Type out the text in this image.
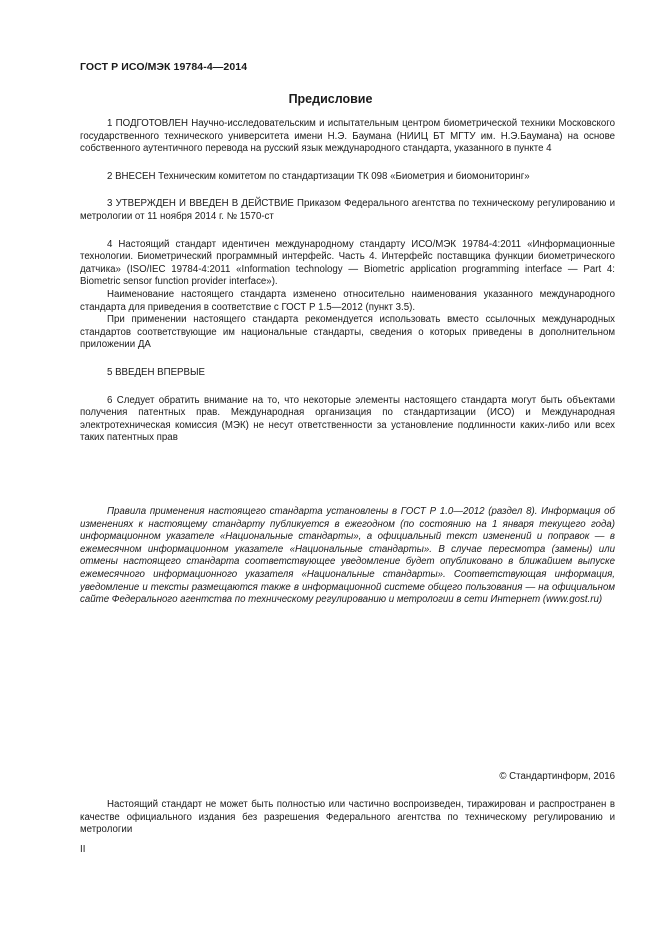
ГОСТ Р ИСО/МЭК 19784-4—2014
Предисловие

1 ПОДГОТОВЛЕН Научно-исследовательским и испытательным центром биометрической техники Московского государственного технического университета имени Н.Э. Баумана (НИИЦ БТ МГТУ им. Н.Э.Баумана) на основе собственного аутентичного перевода на русский язык международного стандарта, указанного в пункте 4

2 ВНЕСЕН Техническим комитетом по стандартизации ТК 098 «Биометрия и биомониторинг»

3 УТВЕРЖДЕН И ВВЕДЕН В ДЕЙСТВИЕ Приказом Федерального агентства по техническому регулированию и метрологии от 11 ноября 2014 г. № 1570-ст

4 Настоящий стандарт идентичен международному стандарту ИСО/МЭК 19784-4:2011 «Информационные технологии. Биометрический программный интерфейс. Часть 4. Интерфейс поставщика функции биометрического датчика» (ISO/IEC 19784-4:2011 «Information technology — Biometric application programming interface — Part 4: Biometric sensor function provider interface»).

Наименование настоящего стандарта изменено относительно наименования указанного международного стандарта для приведения в соответствие с ГОСТ Р 1.5—2012 (пункт 3.5).

При применении настоящего стандарта рекомендуется использовать вместо ссылочных международных стандартов соответствующие им национальные стандарты, сведения о которых приведены в дополнительном приложении ДА

5 ВВЕДЕН ВПЕРВЫЕ

6 Следует обратить внимание на то, что некоторые элементы настоящего стандарта могут быть объектами получения патентных прав. Международная организация по стандартизации (ИСО) и Международная электротехническая комиссия (МЭК) не несут ответственности за установление подлинности каких-либо или всех таких патентных прав

Правила применения настоящего стандарта установлены в ГОСТ Р 1.0—2012 (раздел 8). Информация об изменениях к настоящему стандарту публикуется в ежегодном (по состоянию на 1 января текущего года) информационном указателе «Национальные стандарты», а официальный текст изменений и поправок — в ежемесячном информационном указателе «Национальные стандарты». В случае пересмотра (замены) или отмены настоящего стандарта соответствующее уведомление будет опубликовано в ближайшем выпуске ежемесячного информационного указателя «Национальные стандарты». Соответствующая информация, уведомление и тексты размещаются также в информационной системе общего пользования — на официальном сайте Федерального агентства по техническому регулированию и метрологии в сети Интернет (www.gost.ru)

© Стандартинформ, 2016

Настоящий стандарт не может быть полностью или частично воспроизведен, тиражирован и распространен в качестве официального издания без разрешения Федерального агентства по техническому регулированию и метрологии

II
